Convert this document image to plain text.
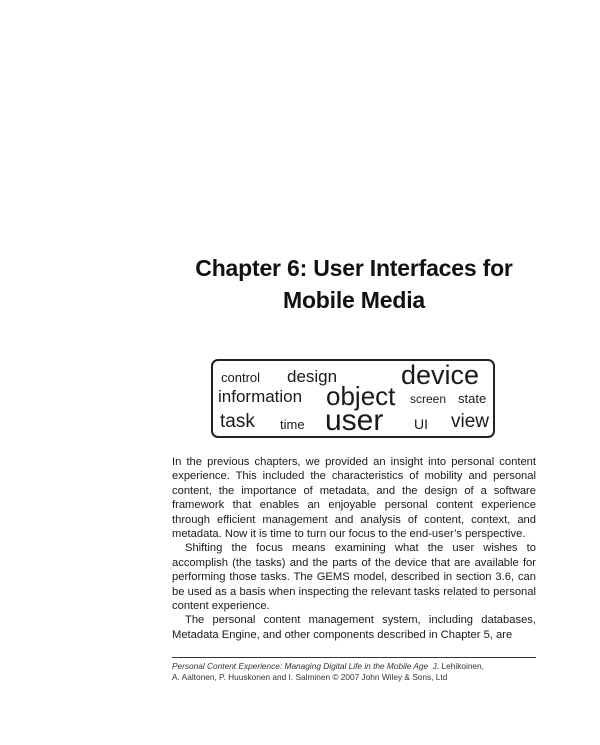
Chapter 6: User Interfaces for
Mobile Media
control design device
information object screen state
task time user UI view

In the previous chapters, we provided an insight into personal content experience. This included the characteristics of mobility and personal content, the importance of metadata, and the design of a software framework that enables an enjoyable personal content experience through efficient management and analysis of content, context, and metadata. Now it is time to turn our focus to the end-user’s perspective.

Shifting the focus means examining what the user wishes to accomplish (the tasks) and the parts of the device that are available for performing those tasks. The GEMS model, described in section 3.6, can be used as a basis when inspecting the relevant tasks related to personal content experience.

The personal content management system, including databases, Metadata Engine, and other components described in Chapter 5, are

Personal Content Experience: Managing Digital Life in the Mobile Age J. Lehikoinen,
A. Aaltonen, P. Huuskonen and I. Salminen © 2007 John Wiley & Sons, Ltd
